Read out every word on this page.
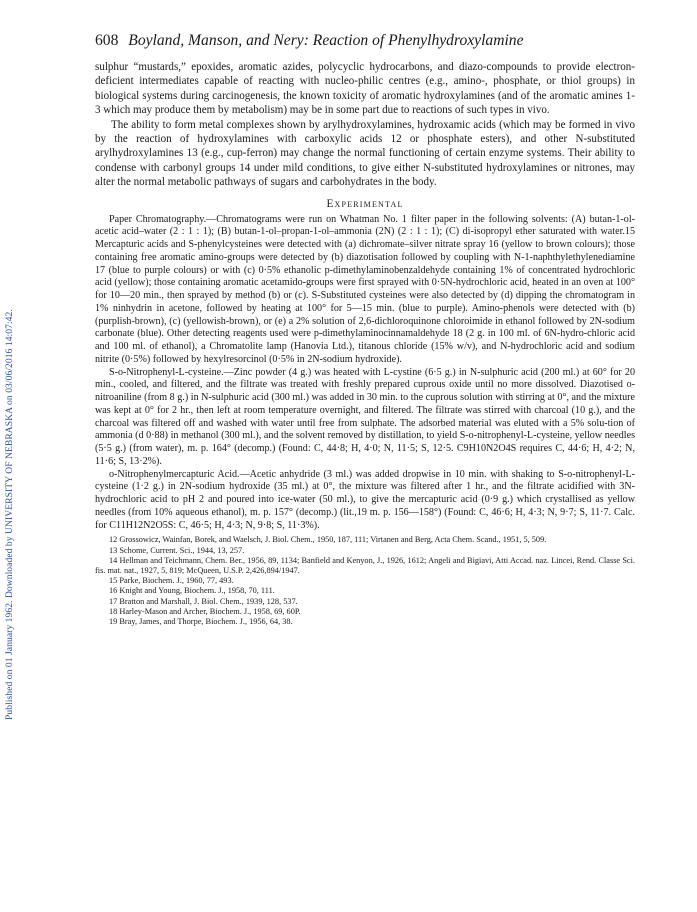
Published on 01 January 1962. Downloaded by UNIVERSITY OF NEBRASKA on 03/06/2016 14:07:42.
608 Boyland, Manson, and Nery: Reaction of Phenylhydroxylamine

sulphur “mustards,” epoxides, aromatic azides, polycyclic hydrocarbons, and diazo-compounds to provide electron-deficient intermediates capable of reacting with nucleo-philic centres (e.g., amino-, phosphate, or thiol groups) in biological systems during carcinogenesis, the known toxicity of aromatic hydroxylamines (and of the aromatic amines 1-3 which may produce them by metabolism) may be in some part due to reactions of such types in vivo.

The ability to form metal complexes shown by arylhydroxylamines, hydroxamic acids (which may be formed in vivo by the reaction of hydroxylamines with carboxylic acids 12 or phosphate esters), and other N-substituted arylhydroxylamines 13 (e.g., cup-ferron) may change the normal functioning of certain enzyme systems. Their ability to condense with carbonyl groups 14 under mild conditions, to give either N-substituted hydroxylamines or nitrones, may alter the normal metabolic pathways of sugars and carbohydrates in the body.

Experimental

Paper Chromatography.—Chromatograms were run on Whatman No. 1 filter paper in the following solvents: (A) butan-1-ol-acetic acid–water (2 : 1 : 1); (B) butan-1-ol–propan-1-ol–ammonia (2N) (2 : 1 : 1); (C) di-isopropyl ether saturated with water.15 Mercapturic acids and S-phenylcysteines were detected with (a) dichromate–silver nitrate spray 16 (yellow to brown colours); those containing free aromatic amino-groups were detected by (b) diazotisation followed by coupling with N-1-naphthylethylenediamine 17 (blue to purple colours) or with (c) 0·5% ethanolic p-dimethylaminobenzaldehyde containing 1% of concentrated hydrochloric acid (yellow); those containing aromatic acetamido-groups were first sprayed with 0·5N-hydrochloric acid, heated in an oven at 100° for 10—20 min., then sprayed by method (b) or (c). S-Substituted cysteines were also detected by (d) dipping the chromatogram in 1% ninhydrin in acetone, followed by heating at 100° for 5—15 min. (blue to purple). Amino-phenols were detected with (b) (purplish-brown), (c) (yellowish-brown), or (e) a 2% solution of 2,6-dichloroquinone chloroimide in ethanol followed by 2N-sodium carbonate (blue). Other detecting reagents used were p-dimethylaminocinnamaldehyde 18 (2 g. in 100 ml. of 6N-hydro-chloric acid and 100 ml. of ethanol), a Chromatolite lamp (Hanovia Ltd.), titanous chloride (15% w/v), and N-hydrochloric acid and sodium nitrite (0·5%) followed by hexylresorcinol (0·5% in 2N-sodium hydroxide).

S-o-Nitrophenyl-L-cysteine.—Zinc powder (4 g.) was heated with L-cystine (6·5 g.) in N-sulphuric acid (200 ml.) at 60° for 20 min., cooled, and filtered, and the filtrate was treated with freshly prepared cuprous oxide until no more dissolved. Diazotised o-nitroaniline (from 8 g.) in N-sulphuric acid (300 ml.) was added in 30 min. to the cuprous solution with stirring at 0°, and the mixture was kept at 0° for 2 hr., then left at room temperature overnight, and filtered. The filtrate was stirred with charcoal (10 g.), and the charcoal was filtered off and washed with water until free from sulphate. The adsorbed material was eluted with a 5% solu-tion of ammonia (d 0·88) in methanol (300 ml.), and the solvent removed by distillation, to yield S-o-nitrophenyl-L-cysteine, yellow needles (5·5 g.) (from water), m. p. 164° (decomp.) (Found: C, 44·8; H, 4·0; N, 11·5; S, 12·5. C9H10N2O4S requires C, 44·6; H, 4·2; N, 11·6; S, 13·2%).

o-Nitrophenylmercapturic Acid.—Acetic anhydride (3 ml.) was added dropwise in 10 min. with shaking to S-o-nitrophenyl-L-cysteine (1·2 g.) in 2N-sodium hydroxide (35 ml.) at 0°, the mixture was filtered after 1 hr., and the filtrate acidified with 3N-hydrochloric acid to pH 2 and poured into ice-water (50 ml.), to give the mercapturic acid (0·9 g.) which crystallised as yellow needles (from 10% aqueous ethanol), m. p. 157° (decomp.) (lit.,19 m. p. 156—158°) (Found: C, 46·6; H, 4·3; N, 9·7; S, 11·7. Calc. for C11H12N2O5S: C, 46·5; H, 4·3; N, 9·8; S, 11·3%).

12 Grossowicz, Wainfan, Borek, and Waelsch, J. Biol. Chem., 1950, 187, 111; Virtanen and Berg, Acta Chem. Scand., 1951, 5, 509.

13 Schome, Current. Sci., 1944, 13, 257.

14 Hellman and Teichmann, Chem. Ber., 1956, 89, 1134; Banfield and Kenyon, J., 1926, 1612; Angeli and Bigiavi, Atti Accad. naz. Lincei, Rend. Classe Sci. fis. mat. nat., 1927, 5, 819; McQueen, U.S.P. 2,426,894/1947.

15 Parke, Biochem. J., 1960, 77, 493.

16 Knight and Young, Biochem. J., 1958, 70, 111.

17 Bratton and Marshall, J. Biol. Chem., 1939, 128, 537.

18 Harley-Mason and Archer, Biochem. J., 1958, 69, 60P.

19 Bray, James, and Thorpe, Biochem. J., 1956, 64, 38.
